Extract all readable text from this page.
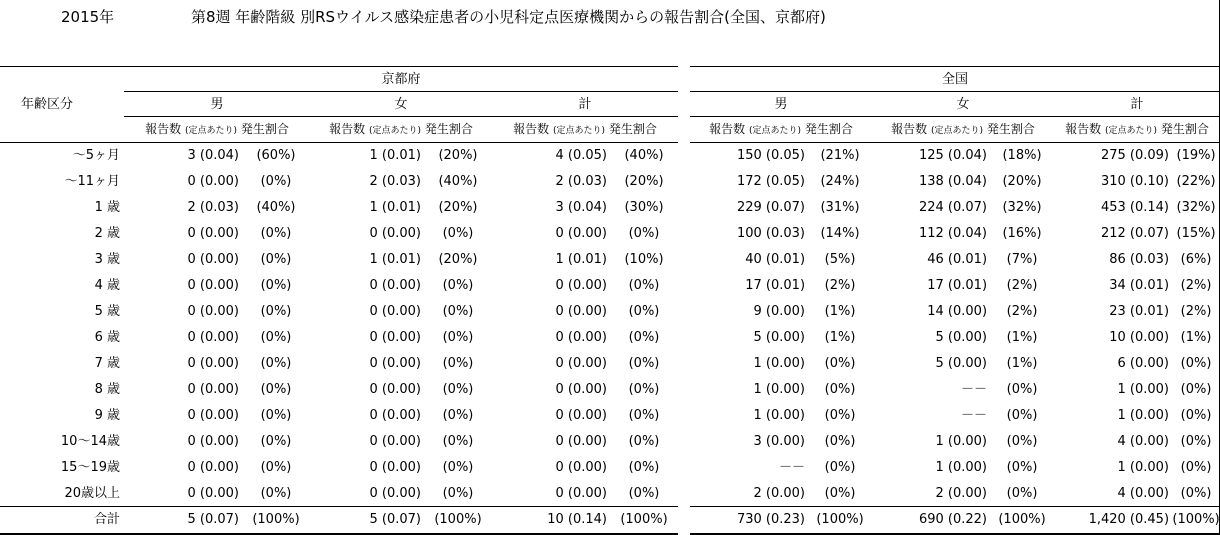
2015年	第8週 年齢階級 別RSウイルス感染症患者の小児科定点医療機関からの報告割合(全国、京都府)
年齢区分	京都府							全国					
	男		女		計			男		女		計	
	報告数 (定点あたり) 発生割合		報告数 (定点あたり) 発生割合		報告数 (定点あたり) 発生割合			報告数 (定点あたり) 発生割合		報告数 (定点あたり) 発生割合		報告数 (定点あたり) 発生割合	
～5ヶ月	3 (0.04)	(60%)	1 (0.01)	(20%)	4 (0.05)	(40%)		150 (0.05)	(21%)	125 (0.04)	(18%)	275 (0.09)	(19%)
～11ヶ月	0 (0.00)	(0%)	2 (0.03)	(40%)	2 (0.03)	(20%)		172 (0.05)	(24%)	138 (0.04)	(20%)	310 (0.10)	(22%)
1 歳	2 (0.03)	(40%)	1 (0.01)	(20%)	3 (0.04)	(30%)		229 (0.07)	(31%)	224 (0.07)	(32%)	453 (0.14)	(32%)
2 歳	0 (0.00)	(0%)	0 (0.00)	(0%)	0 (0.00)	(0%)		100 (0.03)	(14%)	112 (0.04)	(16%)	212 (0.07)	(15%)
3 歳	0 (0.00)	(0%)	1 (0.01)	(20%)	1 (0.01)	(10%)		40 (0.01)	(5%)	46 (0.01)	(7%)	86 (0.03)	(6%)
4 歳	0 (0.00)	(0%)	0 (0.00)	(0%)	0 (0.00)	(0%)		17 (0.01)	(2%)	17 (0.01)	(2%)	34 (0.01)	(2%)
5 歳	0 (0.00)	(0%)	0 (0.00)	(0%)	0 (0.00)	(0%)		9 (0.00)	(1%)	14 (0.00)	(2%)	23 (0.01)	(2%)
6 歳	0 (0.00)	(0%)	0 (0.00)	(0%)	0 (0.00)	(0%)		5 (0.00)	(1%)	5 (0.00)	(1%)	10 (0.00)	(1%)
7 歳	0 (0.00)	(0%)	0 (0.00)	(0%)	0 (0.00)	(0%)		1 (0.00)	(0%)	5 (0.00)	(1%)	6 (0.00)	(0%)
8 歳	0 (0.00)	(0%)	0 (0.00)	(0%)	0 (0.00)	(0%)		1 (0.00)	(0%)	－－	(0%)	1 (0.00)	(0%)
9 歳	0 (0.00)	(0%)	0 (0.00)	(0%)	0 (0.00)	(0%)		1 (0.00)	(0%)	－－	(0%)	1 (0.00)	(0%)
10～14歳	0 (0.00)	(0%)	0 (0.00)	(0%)	0 (0.00)	(0%)		3 (0.00)	(0%)	1 (0.00)	(0%)	4 (0.00)	(0%)
15～19歳	0 (0.00)	(0%)	0 (0.00)	(0%)	0 (0.00)	(0%)		－－	(0%)	1 (0.00)	(0%)	1 (0.00)	(0%)
20歳以上	0 (0.00)	(0%)	0 (0.00)	(0%)	0 (0.00)	(0%)		2 (0.00)	(0%)	2 (0.00)	(0%)	4 (0.00)	(0%)
合計	5 (0.07)	(100%)	5 (0.07)	(100%)	10 (0.14)	(100%)		730 (0.23)	(100%)	690 (0.22)	(100%)	1,420 (0.45)	(100%)
